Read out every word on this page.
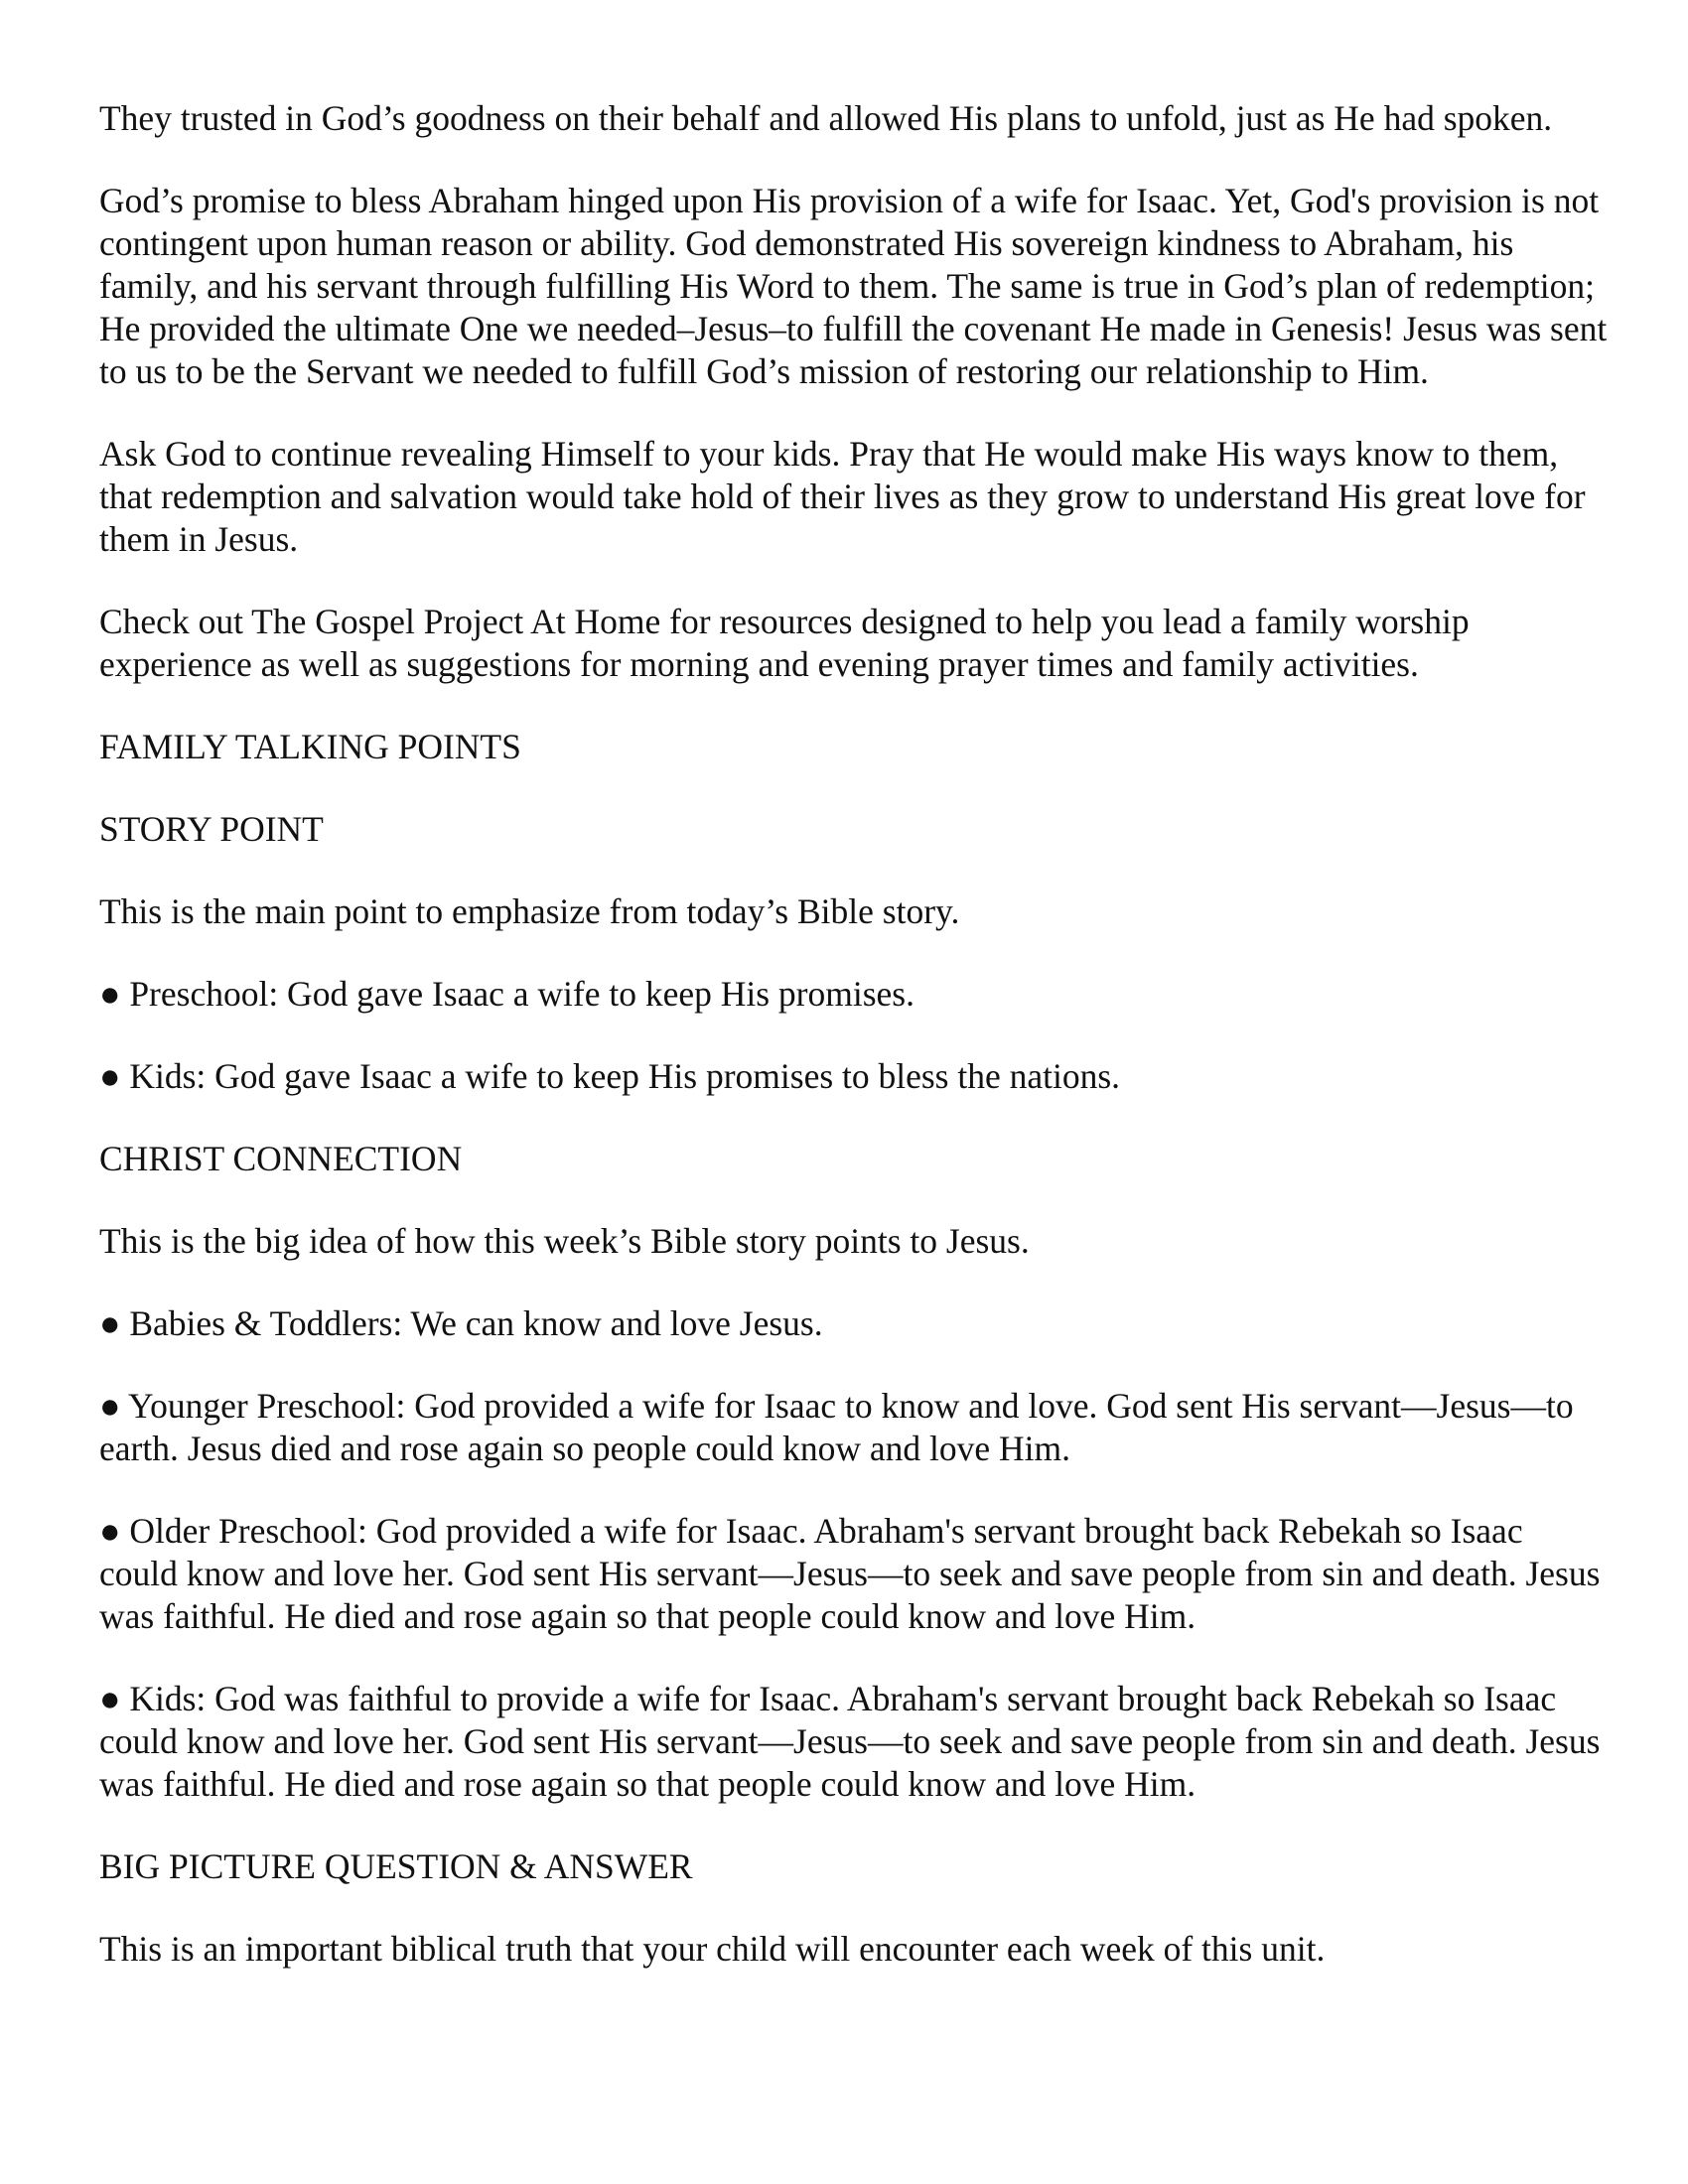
They trusted in God’s goodness on their behalf and allowed His plans to unfold, just as He had spoken.

God’s promise to bless Abraham hinged upon His provision of a wife for Isaac. Yet, God's provision is not contingent upon human reason or ability. God demonstrated His sovereign kindness to Abraham, his family, and his servant through fulfilling His Word to them. The same is true in God’s plan of redemption; He provided the ultimate One we needed–Jesus–to fulfill the covenant He made in Genesis! Jesus was sent to us to be the Servant we needed to fulfill God’s mission of restoring our relationship to Him.

Ask God to continue revealing Himself to your kids. Pray that He would make His ways know to them, that redemption and salvation would take hold of their lives as they grow to understand His great love for them in Jesus.

Check out The Gospel Project At Home for resources designed to help you lead a family worship experience as well as suggestions for morning and evening prayer times and family activities.

FAMILY TALKING POINTS

STORY POINT

This is the main point to emphasize from today’s Bible story.

● Preschool: God gave Isaac a wife to keep His promises.

● Kids: God gave Isaac a wife to keep His promises to bless the nations.

CHRIST CONNECTION

This is the big idea of how this week’s Bible story points to Jesus.

● Babies & Toddlers: We can know and love Jesus.

● Younger Preschool: God provided a wife for Isaac to know and love. God sent His servant—Jesus—to earth. Jesus died and rose again so people could know and love Him.

● Older Preschool: God provided a wife for Isaac. Abraham's servant brought back Rebekah so Isaac could know and love her. God sent His servant—Jesus—to seek and save people from sin and death. Jesus was faithful. He died and rose again so that people could know and love Him.

● Kids: God was faithful to provide a wife for Isaac. Abraham's servant brought back Rebekah so Isaac could know and love her. God sent His servant—Jesus—to seek and save people from sin and death. Jesus was faithful. He died and rose again so that people could know and love Him.

BIG PICTURE QUESTION & ANSWER

This is an important biblical truth that your child will encounter each week of this unit.
